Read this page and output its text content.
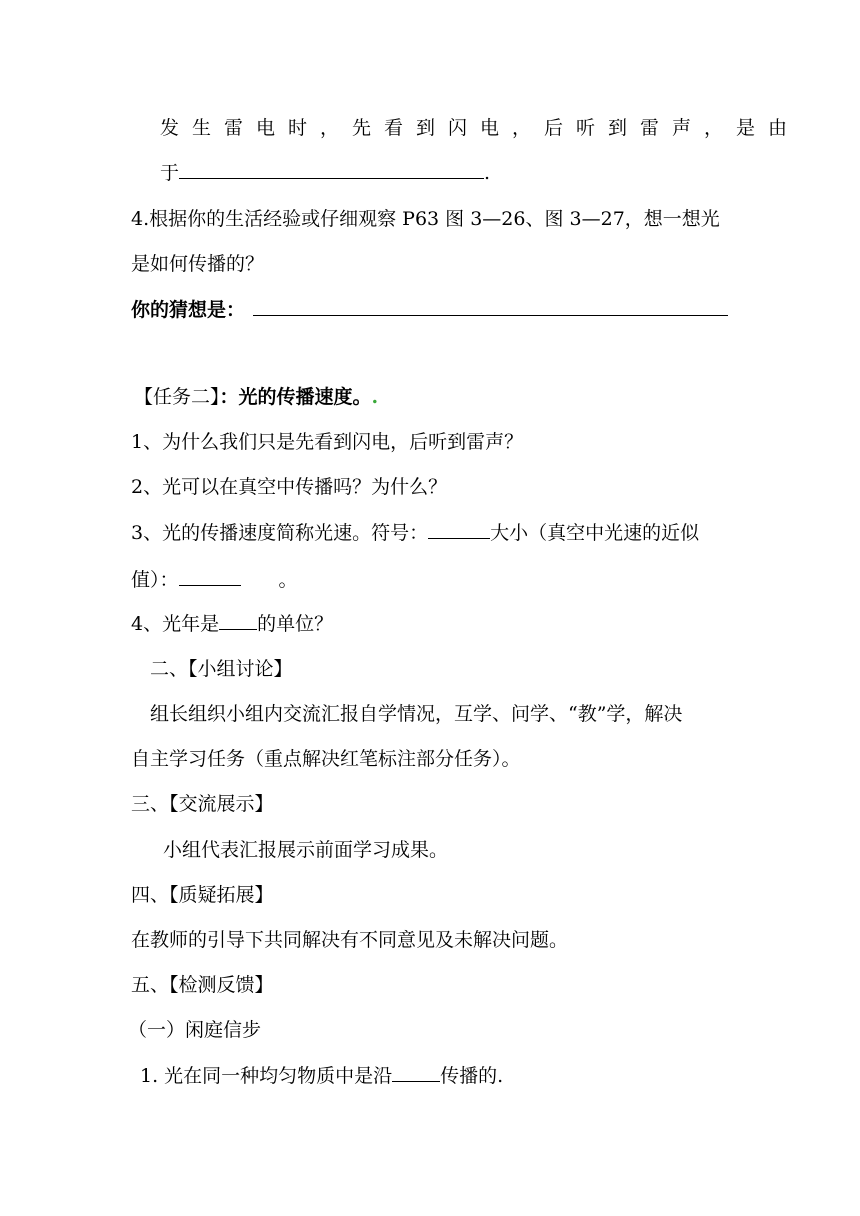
发生雷电时，先看到闪电，后听到雷声，是由
于	.
4.根据你的生活经验或仔细观察 P63 图 3—26、图 3—27，想一想光
是如何传播的？
你的猜想是：
【任务二】：光的传播速度。.
1、为什么我们只是先看到闪电，后听到雷声？
2、光可以在真空中传播吗？为什么？
3、光的传播速度简称光速。符号：	大小（真空中光速的近似
值）：	。
4、光年是 的单位？
二、【小组讨论】
组长组织小组内交流汇报自学情况，互学、问学、“教”学，解决
自主学习任务（重点解决红笔标注部分任务）。
三、【交流展示】
小组代表汇报展示前面学习成果。
四、【质疑拓展】
在教师的引导下共同解决有不同意见及未解决问题。
五、【检测反馈】
（一）闲庭信步
1. 光在同一种均匀物质中是沿	传播的.
